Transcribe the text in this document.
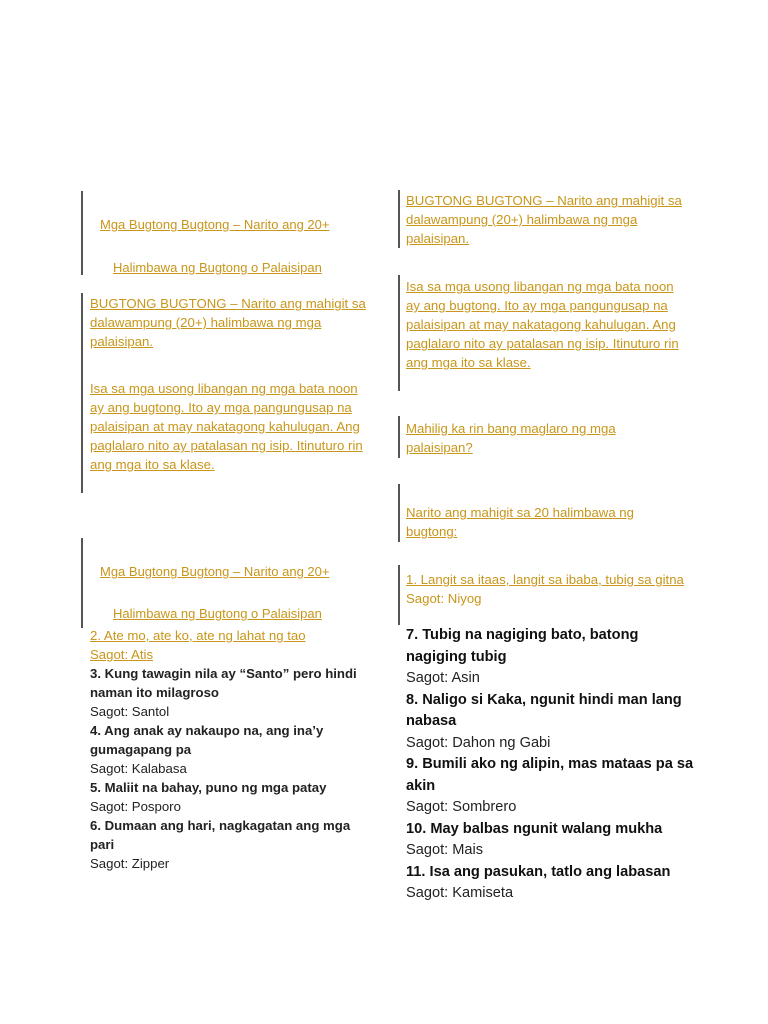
Mga Bugtong Bugtong – Narito ang 20+

Halimbawa ng Bugtong o Palaisipan

BUGTONG BUGTONG – Narito ang mahigit sa dalawampung (20+) halimbawa ng mga palaisipan.

Isa sa mga usong libangan ng mga bata noon ay ang bugtong. Ito ay mga pangungusap na palaisipan at may nakatagong kahulugan. Ang paglalaro nito ay patalasan ng isip. Itinuturo rin ang mga ito sa klase.

Mga Bugtong Bugtong – Narito ang 20+

Halimbawa ng Bugtong o Palaisipan

2. Ate mo, ate ko, ate ng lahat ng tao

Sagot: Atis

3. Kung tawagin nila ay “Santo” pero hindi naman ito milagroso

Sagot: Santol

4. Ang anak ay nakaupo na, ang ina’y gumagapang pa

Sagot: Kalabasa

5. Maliit na bahay, puno ng mga patay

Sagot: Posporo

6. Dumaan ang hari, nagkagatan ang mga pari

Sagot: Zipper

BUGTONG BUGTONG – Narito ang mahigit sa dalawampung (20+) halimbawa ng mga palaisipan.

Isa sa mga usong libangan ng mga bata noon ay ang bugtong. Ito ay mga pangungusap na palaisipan at may nakatagong kahulugan. Ang paglalaro nito ay patalasan ng isip. Itinuturo rin ang mga ito sa klase.

Mahilig ka rin bang maglaro ng mga palaisipan?

Narito ang mahigit sa 20 halimbawa ng bugtong:

1. Langit sa itaas, langit sa ibaba, tubig sa gitna

Sagot: Niyog

7. Tubig na nagiging bato, batong nagiging tubig

Sagot: Asin

8. Naligo si Kaka, ngunit hindi man lang nabasa

Sagot: Dahon ng Gabi

9. Bumili ako ng alipin, mas mataas pa sa akin

Sagot: Sombrero

10. May balbas ngunit walang mukha

Sagot: Mais

11. Isa ang pasukan, tatlo ang labasan

Sagot: Kamiseta
